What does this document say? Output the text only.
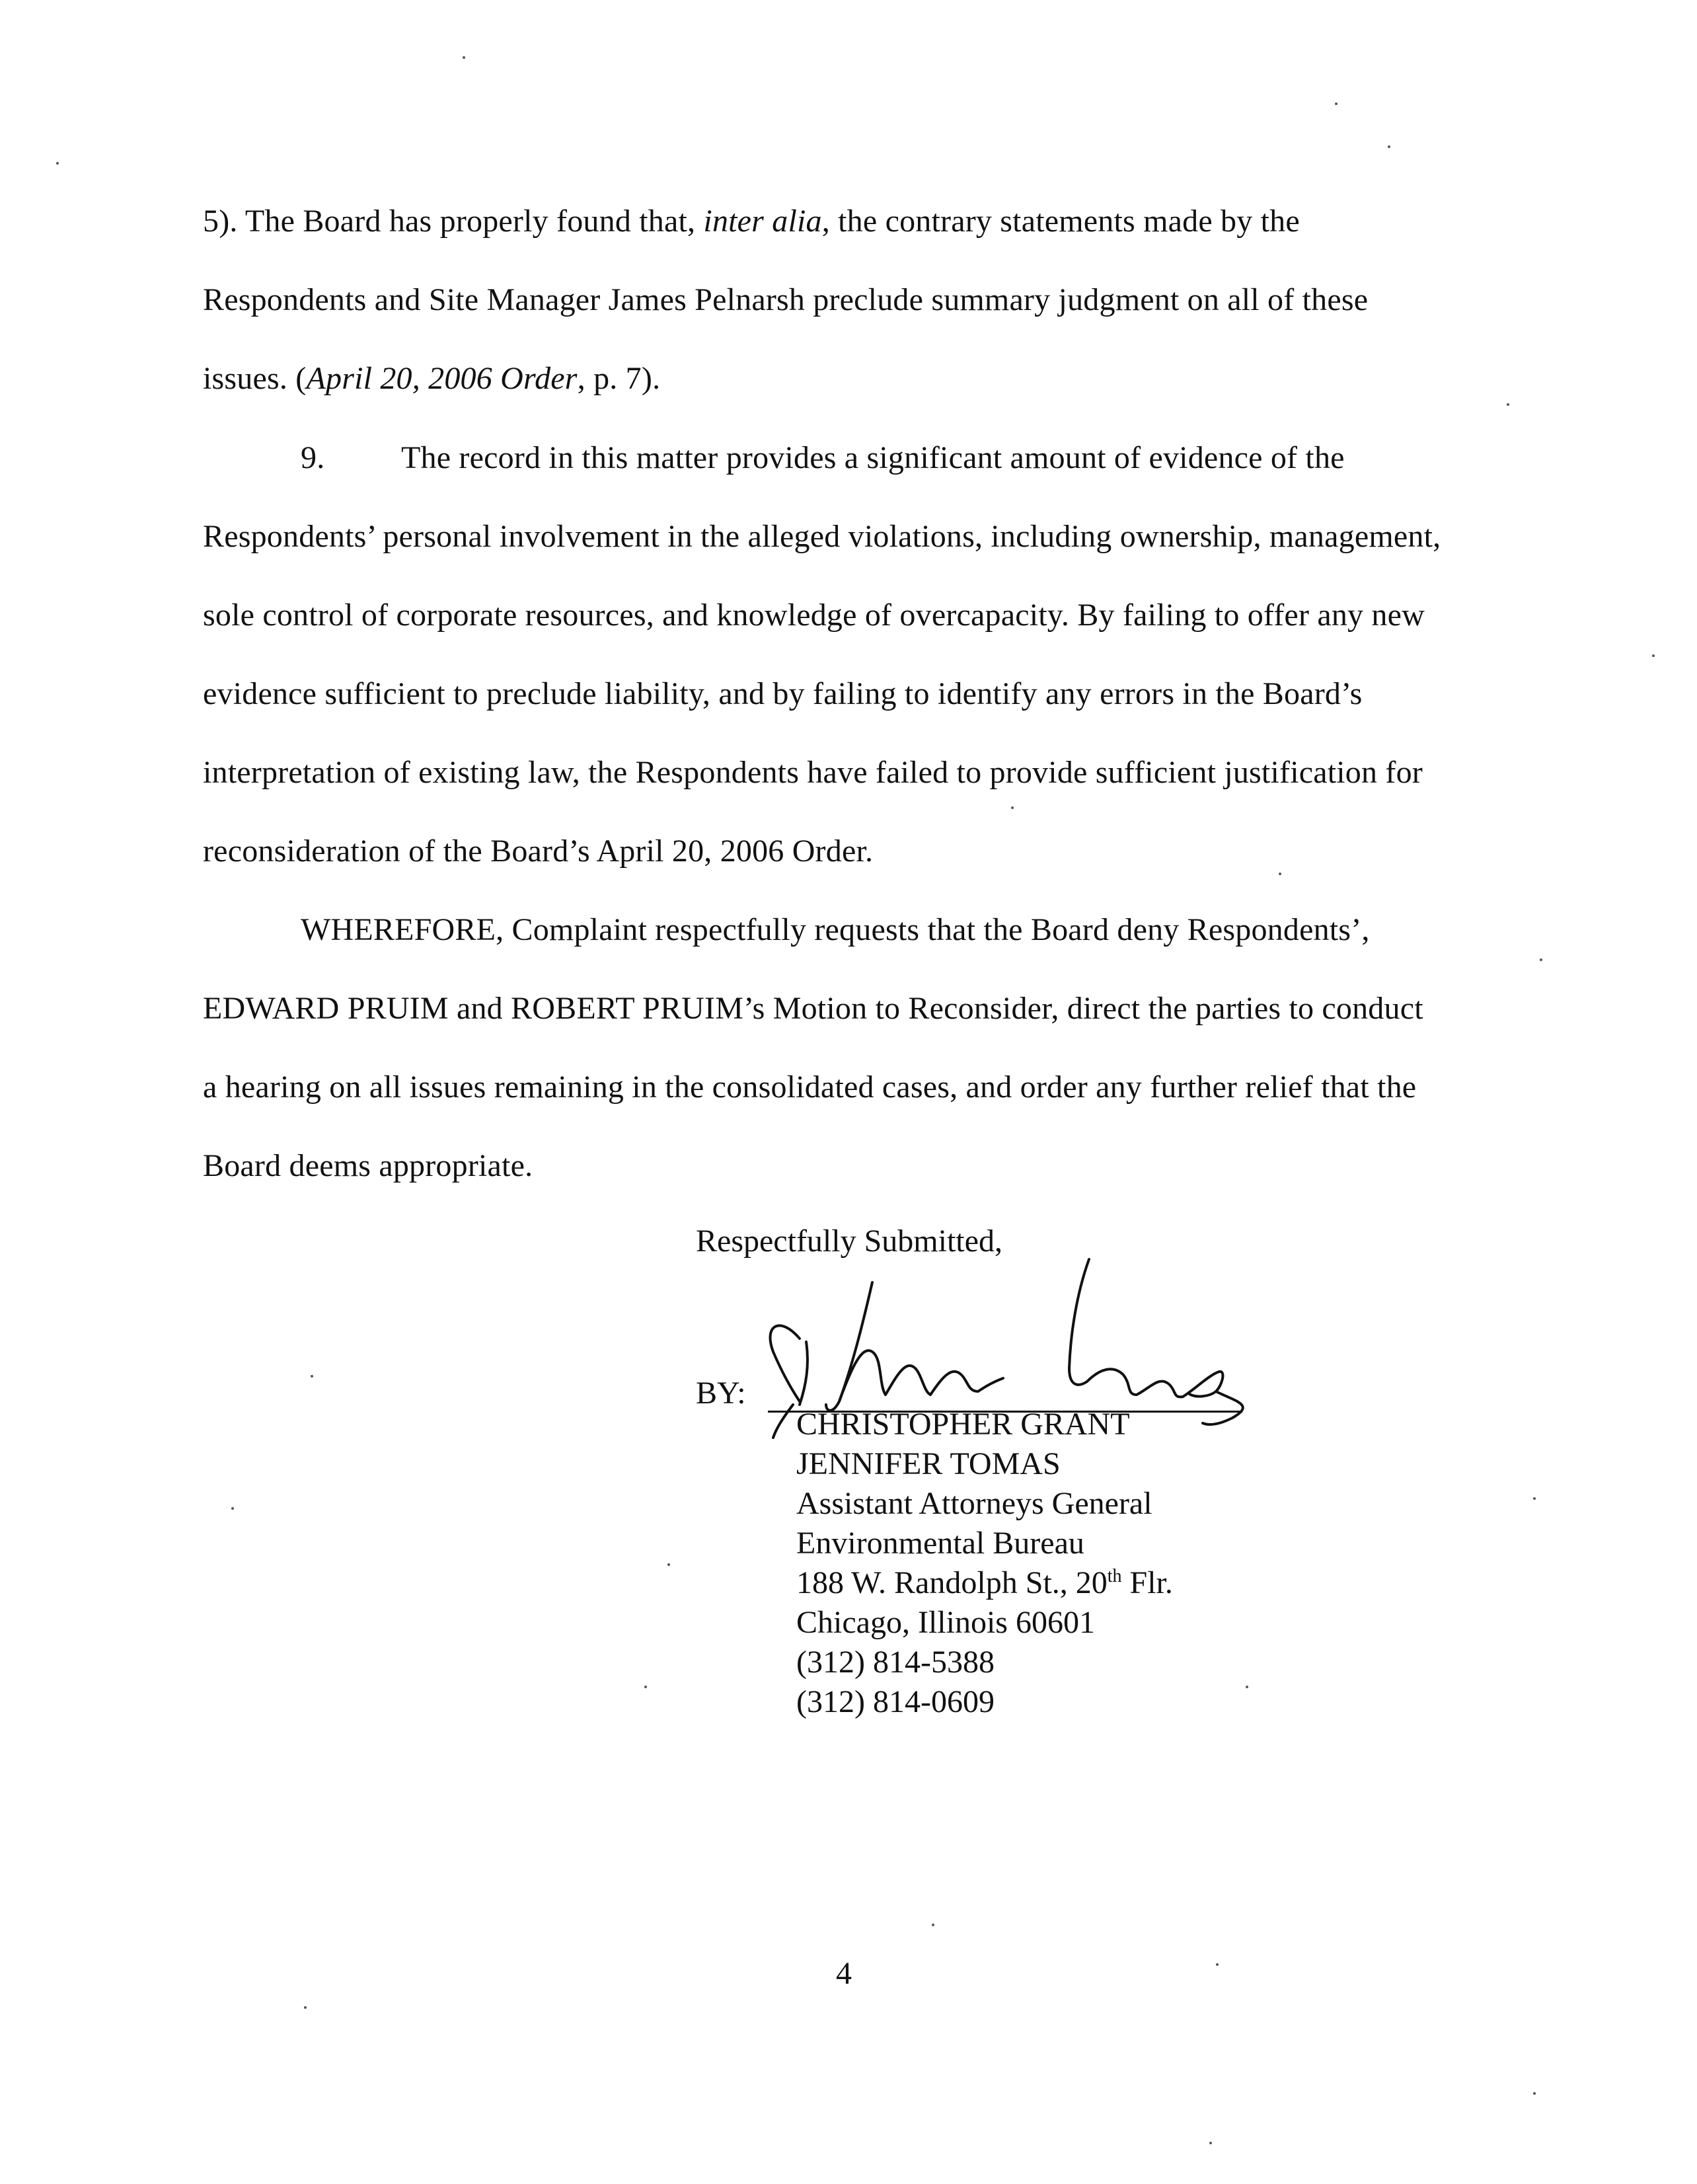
5). The Board has properly found that, inter alia, the contrary statements made by the
Respondents and Site Manager James Pelnarsh preclude summary judgment on all of these
issues. (April 20, 2006 Order, p. 7).
9. The record in this matter provides a significant amount of evidence of the
Respondents’ personal involvement in the alleged violations, including ownership, management,
sole control of corporate resources, and knowledge of overcapacity. By failing to offer any new
evidence sufficient to preclude liability, and by failing to identify any errors in the Board’s
interpretation of existing law, the Respondents have failed to provide sufficient justification for
reconsideration of the Board’s April 20, 2006 Order.
WHEREFORE, Complaint respectfully requests that the Board deny Respondents’,
EDWARD PRUIM and ROBERT PRUIM’s Motion to Reconsider, direct the parties to conduct
a hearing on all issues remaining in the consolidated cases, and order any further relief that the
Board deems appropriate.
Respectfully Submitted,
BY:
CHRISTOPHER GRANT
JENNIFER TOMAS
Assistant Attorneys General
Environmental Bureau
188 W. Randolph St., 20th Flr.
Chicago, Illinois 60601
(312) 814-5388
(312) 814-0609
4
